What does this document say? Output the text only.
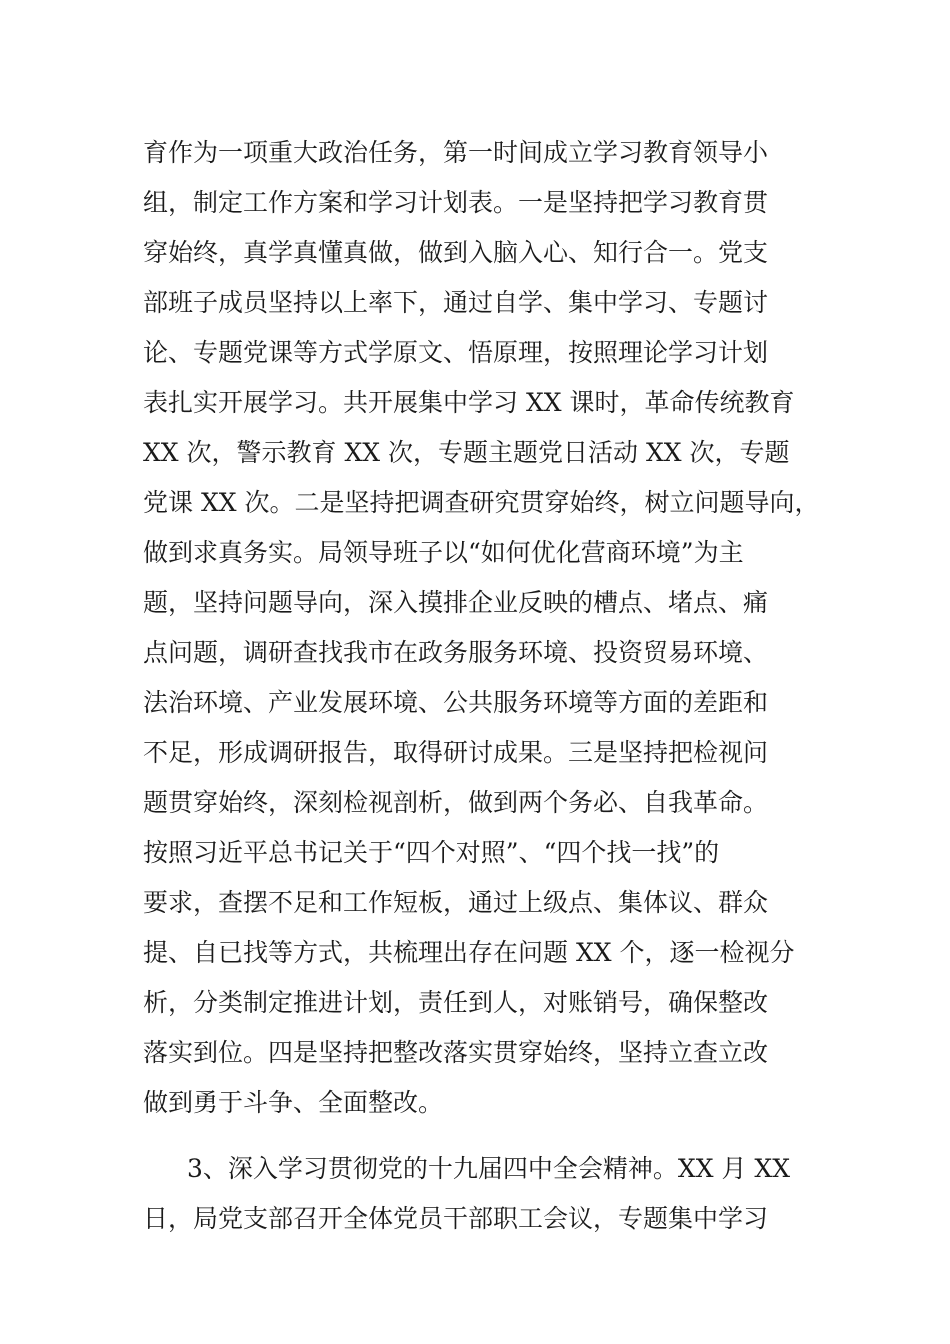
育作为一项重大政治任务，第一时间成立学习教育领导小
组，制定工作方案和学习计划表。一是坚持把学习教育贯
穿始终，真学真懂真做，做到入脑入心、知行合一。党支
部班子成员坚持以上率下，通过自学、集中学习、专题讨
论、专题党课等方式学原文、悟原理，按照理论学习计划
表扎实开展学习。共开展集中学习 XX 课时，革命传统教育
XX 次，警示教育 XX 次，专题主题党日活动 XX 次，专题
党课 XX 次。二是坚持把调查研究贯穿始终，树立问题导向，
做到求真务实。局领导班子以“如何优化营商环境”为主
题，坚持问题导向，深入摸排企业反映的槽点、堵点、痛
点问题，调研查找我市在政务服务环境、投资贸易环境、
法治环境、产业发展环境、公共服务环境等方面的差距和
不足，形成调研报告，取得研讨成果。三是坚持把检视问
题贯穿始终，深刻检视剖析，做到两个务必、自我革命。
按照习近平总书记关于“四个对照”、“四个找一找”的
要求，查摆不足和工作短板，通过上级点、集体议、群众
提、自已找等方式，共梳理出存在问题 XX 个，逐一检视分
析，分类制定推进计划，责任到人，对账销号，确保整改
落实到位。四是坚持把整改落实贯穿始终，坚持立查立改
做到勇于斗争、全面整改。
3、深入学习贯彻党的十九届四中全会精神。XX 月 XX
日，局党支部召开全体党员干部职工会议，专题集中学习
